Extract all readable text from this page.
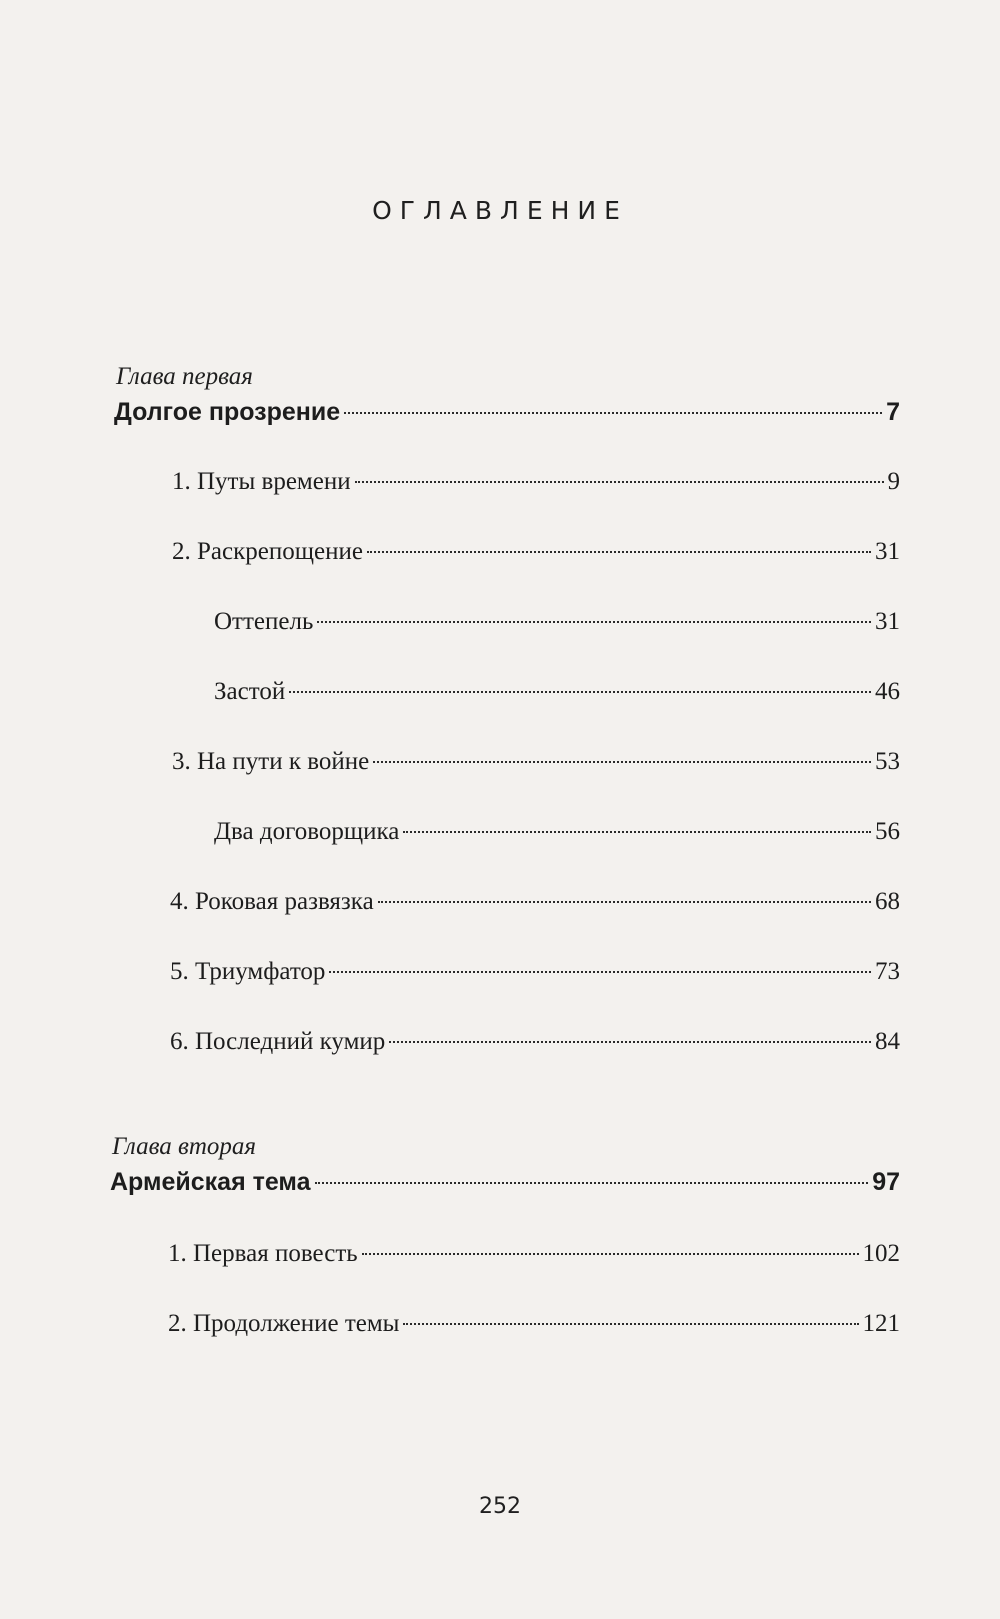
ОГЛАВЛЕНИЕ
Глава первая
Долгое прозрение	7
1. Путы времени	9
2. Раскрепощение	31
Оттепель	31
Застой	46
3. На пути к войне	53
Два договорщика	56
4. Роковая развязка	68
5. Триумфатор	73
6. Последний кумир	84
Глава вторая
Армейская тема	97
1. Первая повесть	102
2. Продолжение темы	121
252
